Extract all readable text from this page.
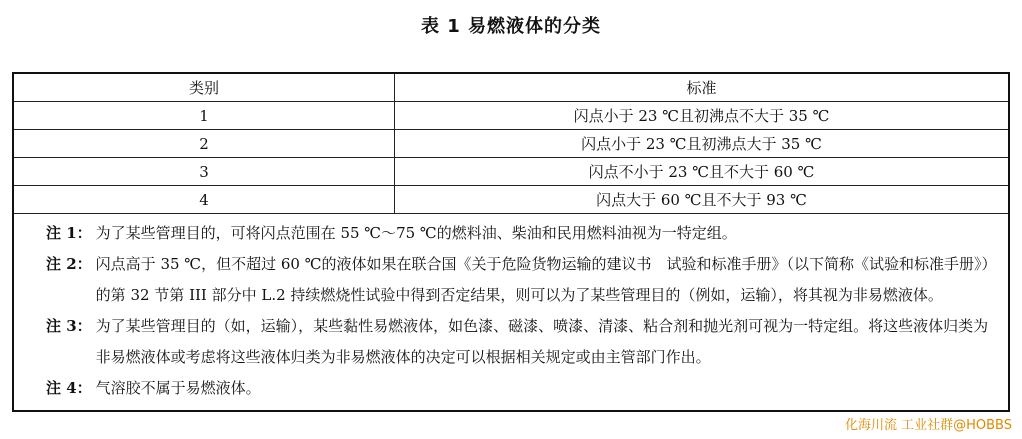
表 1 易燃液体的分类
类别	标准
1	闪点小于 23 ℃且初沸点不大于 35 ℃
2	闪点小于 23 ℃且初沸点大于 35 ℃
3	闪点不小于 23 ℃且不大于 60 ℃
4	闪点大于 60 ℃且不大于 93 ℃
注 1： 为了某些管理目的，可将闪点范围在 55 ℃～75 ℃的燃料油、柴油和民用燃料油视为一特定组。
注 2： 闪点高于 35 ℃，但不超过 60 ℃的液体如果在联合国《关于危险货物运输的建议书　试验和标准手册》（以下简称《试验和标准手册》）的第 32 节第 III 部分中 L.2 持续燃烧性试验中得到否定结果，则可以为了某些管理目的（例如，运输），将其视为非易燃液体。
注 3： 为了某些管理目的（如，运输），某些黏性易燃液体，如色漆、磁漆、喷漆、清漆、粘合剂和抛光剂可视为一特定组。将这些液体归类为非易燃液体或考虑将这些液体归类为非易燃液体的决定可以根据相关规定或由主管部门作出。
注 4： 气溶胶不属于易燃液体。
化海川流 工业社群@HOBBS
